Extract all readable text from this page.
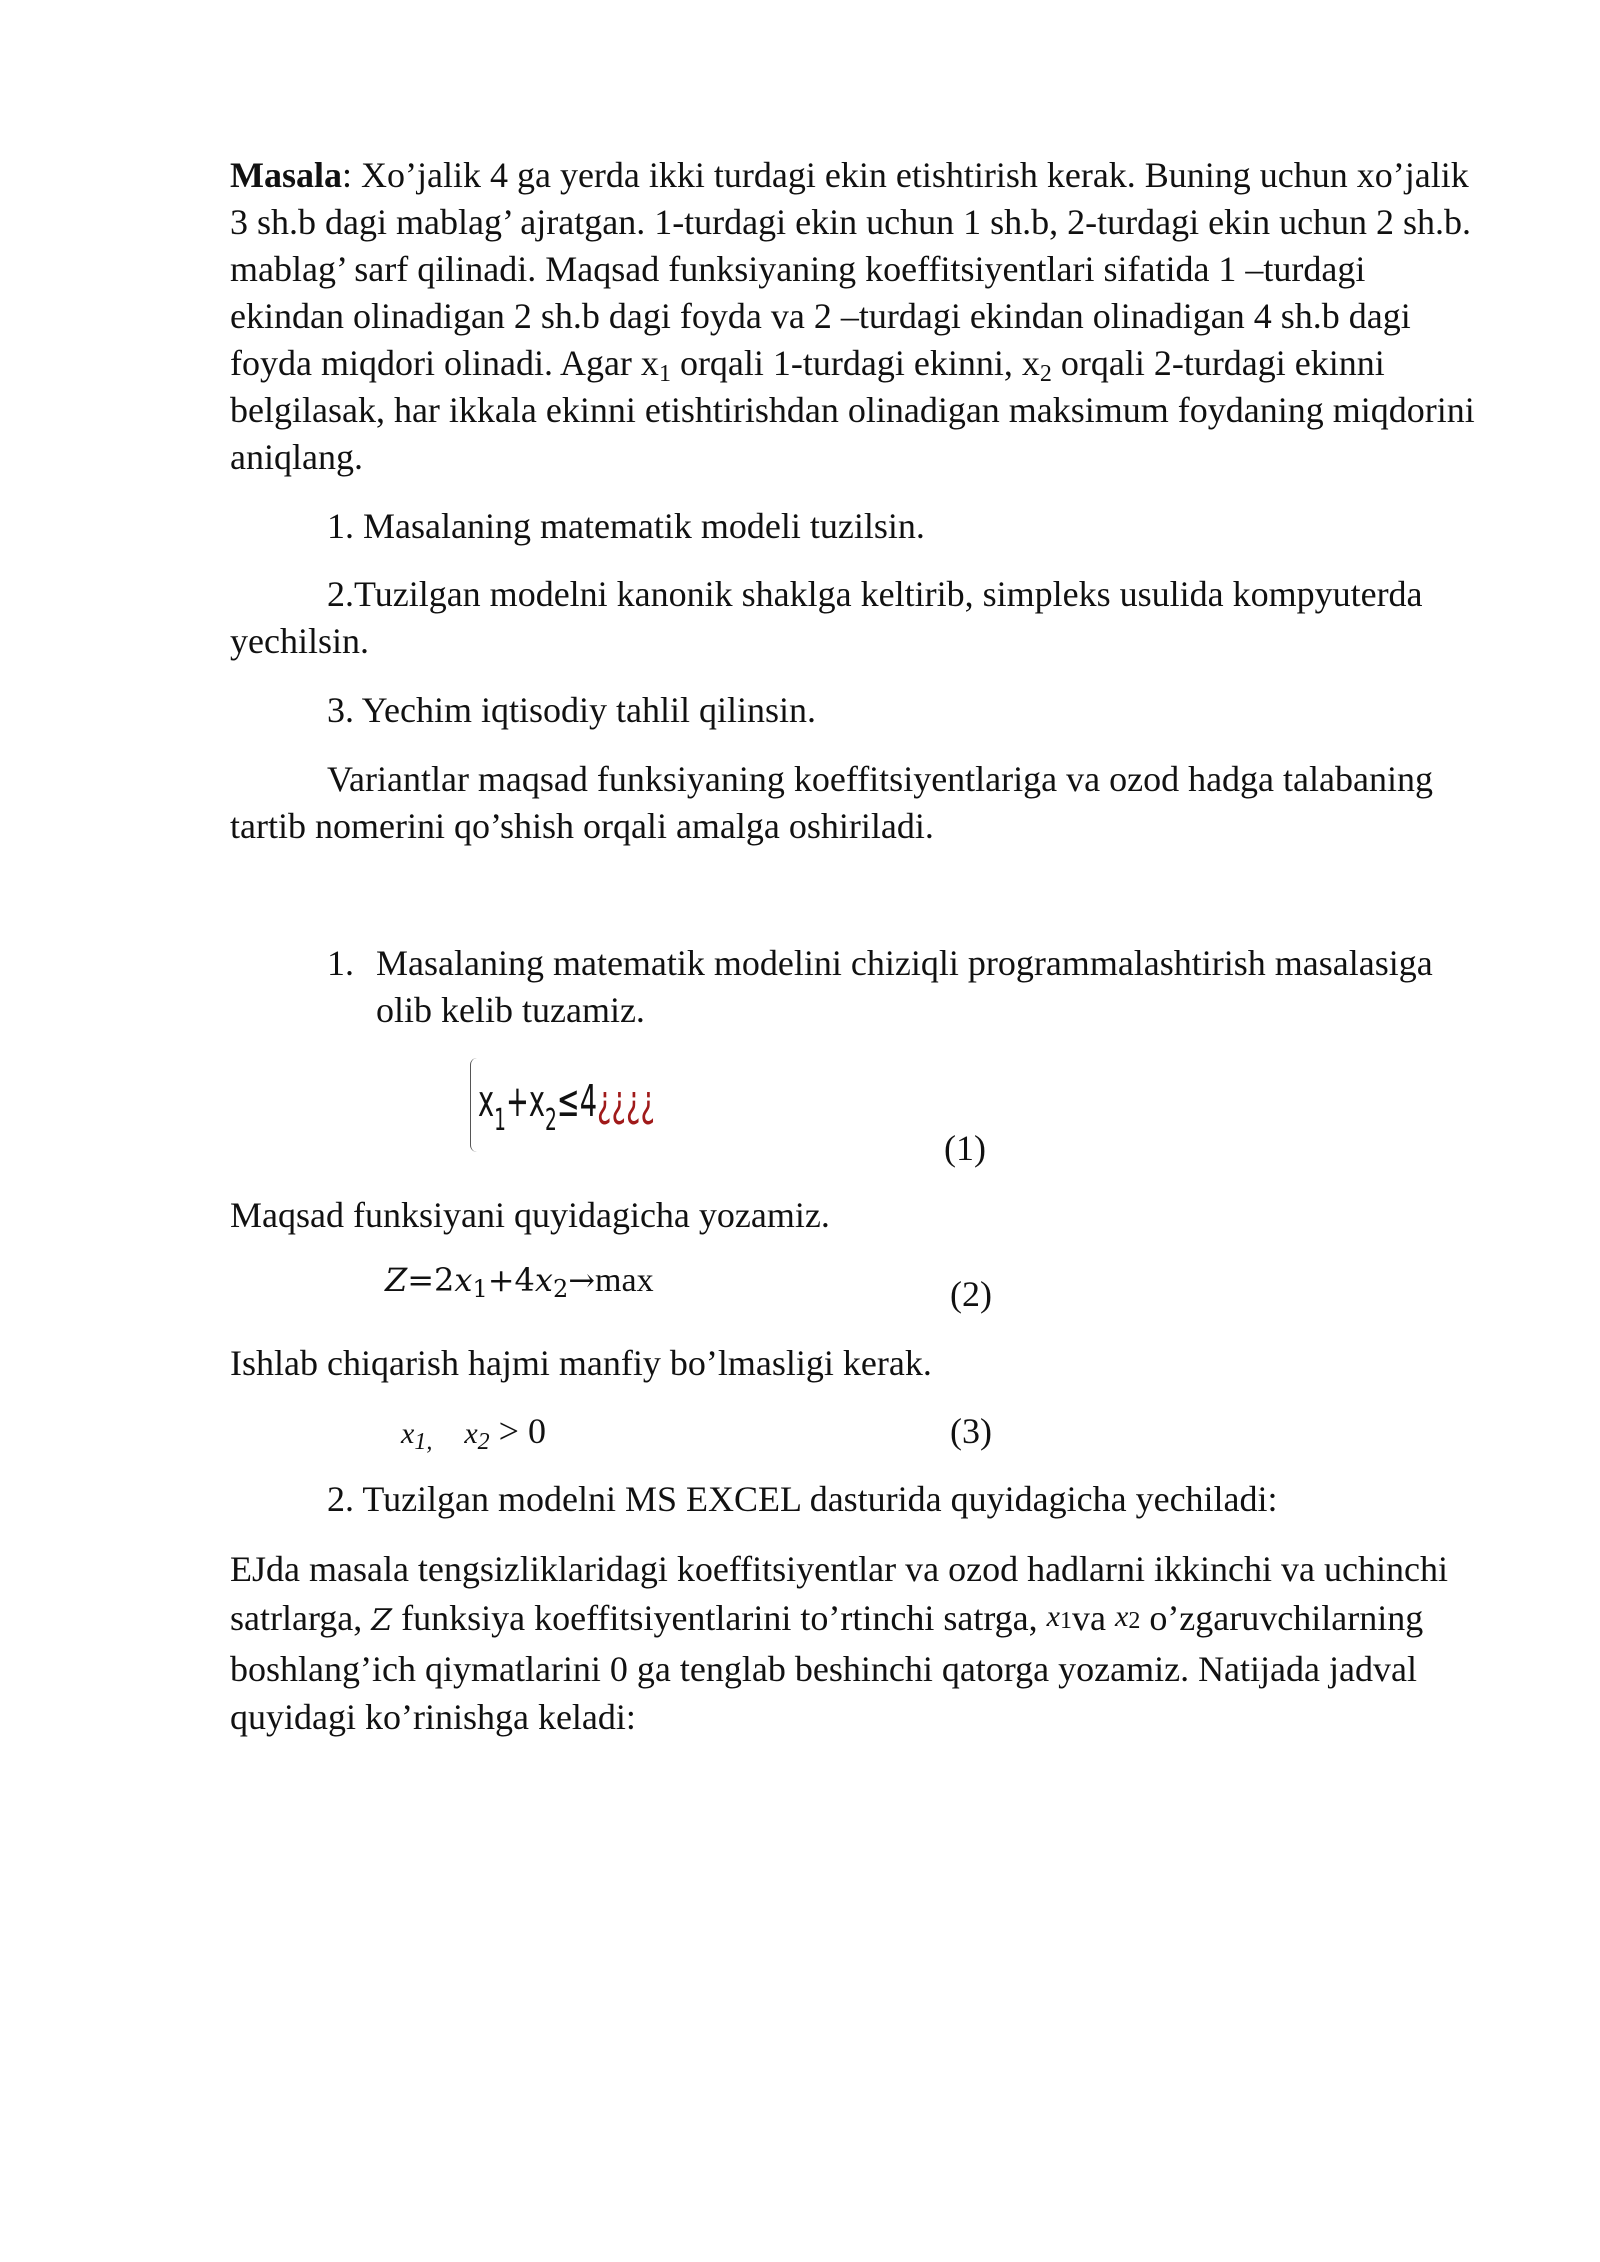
Masala: Xo’jalik 4 ga yerda ikki turdagi ekin etishtirish kerak. Buning uchun xo’jalik 3 sh.b dagi mablag’ ajratgan. 1-turdagi ekin uchun 1 sh.b, 2-turdagi ekin uchun 2 sh.b. mablag’ sarf qilinadi. Maqsad funksiyaning koeffitsiyentlari sifatida 1 –turdagi ekindan olinadigan 2 sh.b dagi foyda va 2 –turdagi ekindan olinadigan 4 sh.b dagi foyda miqdori olinadi. Agar $x_1$ orqali 1-turdagi ekinni, $x_2$ orqali 2-turdagi ekinni belgilasak, har ikkala ekinni etishtirishdan olinadigan maksimum foydaning miqdorini aniqlang.

1. Masalaning matematik modeli tuzilsin.

2.Tuzilgan modelni kanonik shaklga keltirib, simpleks usulida kompyuterda yechilsin.

3. Yechim iqtisodiy tahlil qilinsin.

Variantlar maqsad funksiyaning koeffitsiyentlariga va ozod hadga talabaning tartib nomerini qo’shish orqali amalga oshiriladi.

1. Masalaning matematik modelini chiziqli programmalashtirish masalasiga olib kelib tuzamiz.

$x_1+x_2\le 4¿¿¿¿$
(1)

Maqsad funksiyani quyidagicha yozamiz.

$Z=2x_1+4x_2\to\max$	(2)

Ishlab chiqarish hajmi manfiy bo’lmasligi kerak.

$x_{1,}$ $x_2 > 0$	(3)

2. Tuzilgan modelni MS EXCEL dasturida quyidagicha yechiladi:

EJda masala tengsizliklaridagi koeffitsiyentlar va ozod hadlarni ikkinchi va uchinchi satrlarga, Z funksiya koeffitsiyentlarini to’rtinchi satrga, x1va x2 o’zgaruvchilarning boshlang’ich qiymatlarini 0 ga tenglab beshinchi qatorga yozamiz. Natijada jadval quyidagi ko’rinishga keladi:
